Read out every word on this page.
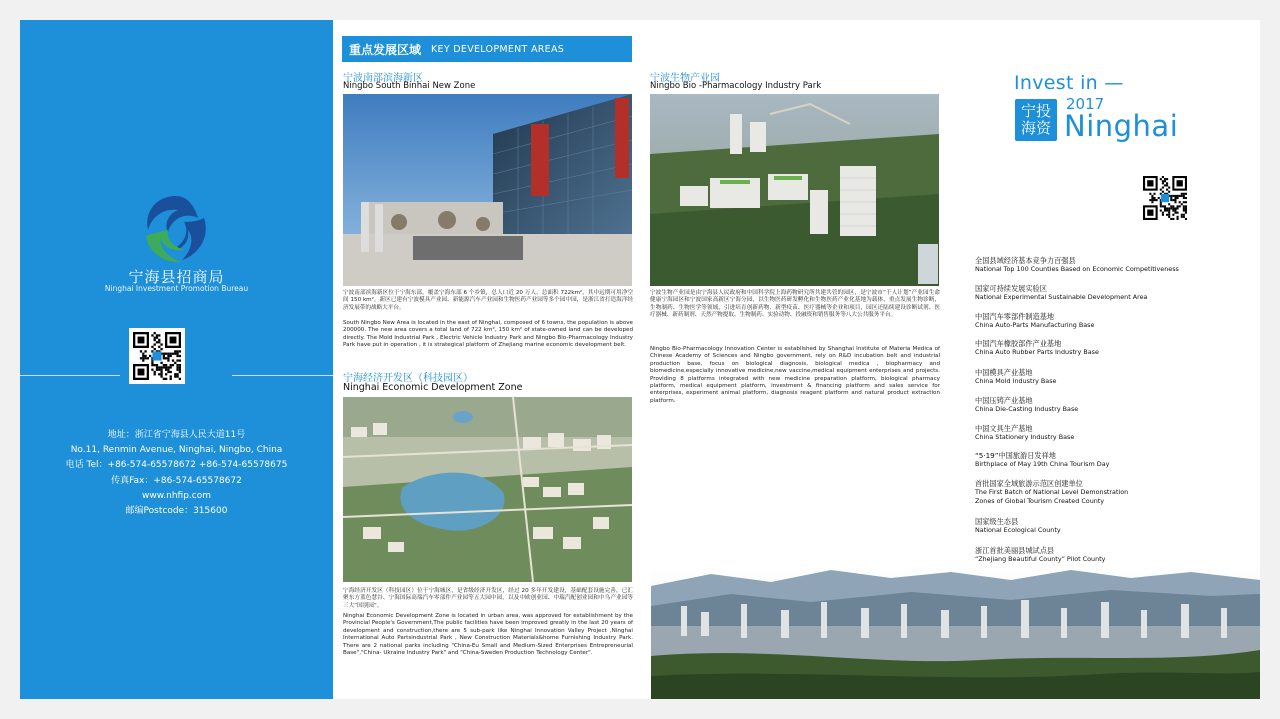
宁海县招商局
Ninghai Investment Promotion Bureau
地址：浙江省宁海县人民大道11号
No.11, Renmin Avenue, Ninghai, Ningbo, China
电话 Tel：+86-574-65578672 +86-574-65578675
传真Fax：+86-574-65578672
www.nhfip.com
邮编Postcode：315600
重点发展区域 KEY DEVELOPMENT AREAS
宁波南部滨海新区
Ningbo South Binhai New Zone
宁波南部滨海新区位于宁海东部，覆盖宁海东部 6 个乡镇，总人口近 20 万人，总面积 722km²，其中远期可用净空间 150 km²。新区已建有宁波模具产业园、新能源汽车产业园和生物医药产业园等多个园中园，是浙江省打造海洋经济发展带的战略大平台。
South Ningbo New Area is located in the east of Ninghai, composed of 6 towns, the population is above 200000. The new area covers a total land of 722 km², 150 km² of state-owned land can be developed directly. The Mold Industrial Park , Electric Vehicle Industry Park and Ningbo Bio-Pharmacology Industry Park have put in operation , it is strategical platform of Zhejiang marine economic development belt.
宁海经济开发区（科技园区）
Ninghai Economic Development Zone
宁海经济开发区（科技园区）位于宁海城区，是省级经济开发区，经过 20 多年开发建设，基础配套设施完善，已汇聚东方蓝色慧谷、宁海国际高端汽车零部件产业园等五大园中园，以及中欧创业园、中瑞汽配创业园和中乌产业园等三大“国别园”。
Ninghai Economic Development Zone is located in urban area, was approved for establishment by the Provincial People's Government,The public facilities have been improved greatly in the last 20 years of development and construction,there are 5 sub-park like Ninghai Innovation Valley Project ,Ninghai International Auto Partsindustrial Park , New Construction Materials&home Furnishing Industry Park. There are 2 national parks including "China-Eu Small and Medium-Sized Enterprises Entrepreneurial Base","China- Ukraine Industry Park" and "China-Sweden Production Technology Center".
宁波生物产业园
Ningbo Bio -Pharmacology Industry Park
宁波生物产业园是由宁海县人民政府和中国科学院上海药物研究所共建共管的园区，是宁波市“千人计划”产业园生命健康宁海园区和宁波国家高新区宁海分园，以生物医药研发孵化和生物医药产业化基地为载体，重点发展生物诊断、生物制药、生物医学等领域，引进培育创新药物、新型疫苗、医疗器械等企业和项目，园区还陆续建设诊断试剂、医疗器械、新药制剂、天然产物提取、生物制药、实验动物、投融资和销售服务等八大公共服务平台。
Ningbo Bio-Pharmacology Innovation Center is established by Shanghai Institute of Materia Medica of Chinese Academy of Sciences and Ningbo government, rely on R&D incubation belt and industrial production base, focus on biological diagnosis, biological medica , biopharmacy and biomedicine,especially innovative medicine,new vaccine,medical equipment enterprises and projects. Providing 8 platforms integrated with new medicine preparation platform, biological pharmacy platform, medical equipment platform, investment & financing platform and sales service for enterprises, experiment animal platform, diagnosis reagent platform and natural product extraction platform.
Invest in —
宁投
海资
2017
Ninghai
全国县域经济基本竞争力百强县
National Top 100 Counties Based on Economic Competitiveness
国家可持续发展实验区
National Experimental Sustainable Development Area
中国汽车零部件制造基地
China Auto-Parts Manufacturing Base
中国汽车橡胶部件产业基地
China Auto Rubber Parts Industry Base
中国模具产业基地
China Mold Industry Base
中国压铸产业基地
China Die-Casting Industry Base
中国文具生产基地
China Stationery Industry Base
“5·19”中国旅游日发祥地
Birthplace of May 19th China Tourism Day
首批国家全域旅游示范区创建单位
The First Batch of National Level Demonstration
Zones of Global Tourism Created County
国家级生态县
National Ecological County
浙江首批美丽县城试点县
“Zhejiang Beautiful County” Pilot County
